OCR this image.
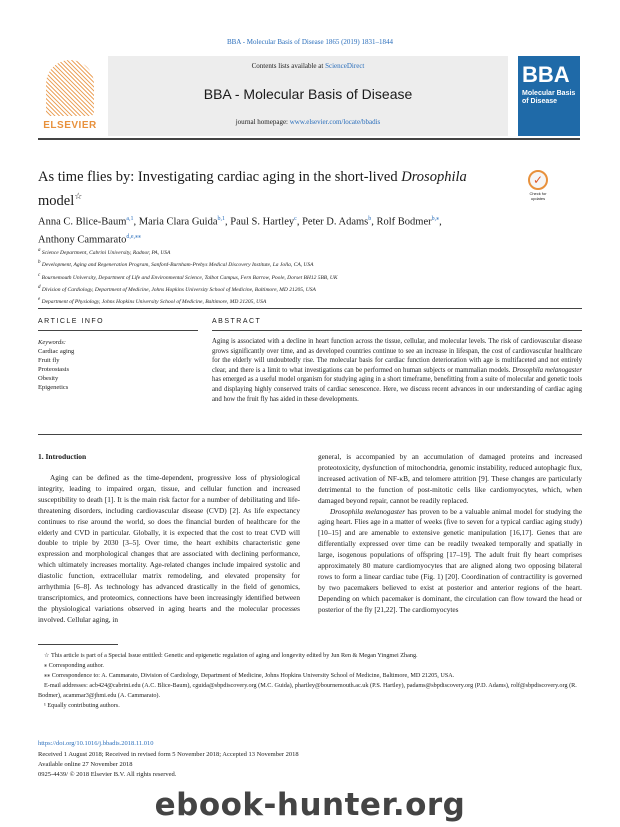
BBA - Molecular Basis of Disease 1865 (2019) 1831–1844
ELSEVIER
Contents lists available at ScienceDirect
BBA - Molecular Basis of Disease
journal homepage: www.elsevier.com/locate/bbadis
BBA
Molecular Basis of Disease
As time flies by: Investigating cardiac aging in the short-lived Drosophila model☆
✓
Check for updates
Anna C. Blice-Baum$^{a,1}$, Maria Clara Guida$^{b,1}$, Paul S. Hartley$^c$, Peter D. Adams$^b$, Rolf Bodmer$^{b,⁎}$,
Anthony Cammarato$^{d,e,⁎⁎}$
$^a$ Science Department, Cabrini University, Radnor, PA, USA
$^b$ Development, Aging and Regeneration Program, Sanford-Burnham-Prebys Medical Discovery Institute, La Jolla, CA, USA
$^c$ Bournemouth University, Department of Life and Environmental Science, Talbot Campus, Fern Barrow, Poole, Dorset BH12 5BB, UK
$^d$ Division of Cardiology, Department of Medicine, Johns Hopkins University School of Medicine, Baltimore, MD 21205, USA
$^e$ Department of Physiology, Johns Hopkins University School of Medicine, Baltimore, MD 21205, USA
ARTICLE INFO
Keywords:
Cardiac aging
Fruit fly
Proteostasis
Obesity
Epigenetics
ABSTRACT
Aging is associated with a decline in heart function across the tissue, cellular, and molecular levels. The risk of cardiovascular disease grows significantly over time, and as developed countries continue to see an increase in lifespan, the cost of cardiovascular healthcare for the elderly will undoubtedly rise. The molecular basis for cardiac function deterioration with age is multifaceted and not entirely clear, and there is a limit to what investigations can be performed on human subjects or mammalian models. Drosophila melanogaster has emerged as a useful model organism for studying aging in a short timeframe, benefitting from a suite of molecular and genetic tools and displaying highly conserved traits of cardiac senescence. Here, we discuss recent advances in our understanding of cardiac aging and how the fruit fly has aided in these developments.
1. Introduction

Aging can be defined as the time-dependent, progressive loss of physiological integrity, leading to impaired organ, tissue, and cellular function and increased susceptibility to death [1]. It is the main risk factor for a number of debilitating and life-threatening disorders, including cardiovascular disease (CVD) [2]. As life expectancy continues to rise around the world, so does the financial burden of healthcare for the elderly and CVD in particular. Globally, it is expected that the cost to treat CVD will double to triple by 2030 [3–5]. Over time, the heart exhibits characteristic gene expression and morphological changes that are associated with declining performance, which ultimately increases mortality. Age-related changes include impaired systolic and diastolic function, extracellular matrix remodeling, and elevated propensity for arrhythmia [6–8]. As technology has advanced drastically in the field of genomics, transcriptomics, and proteomics, connections have been increasingly identified between the physiological variations observed in aging hearts and the molecular processes involved. Cellular aging, in

general, is accompanied by an accumulation of damaged proteins and increased proteotoxicity, dysfunction of mitochondria, genomic instability, reduced autophagic flux, increased activation of NF-κB, and telomere attrition [9]. These changes are particularly detrimental to the function of post-mitotic cells like cardiomyocytes, which, when damaged beyond repair, cannot be readily replaced.

Drosophila melanogaster has proven to be a valuable animal model for studying the aging heart. Flies age in a matter of weeks (five to seven for a typical cardiac aging study) [10–15] and are amenable to extensive genetic manipulation [16,17]. Genes that are differentially expressed over time can be readily tweaked temporally and spatially in large, isogenous populations of offspring [17–19]. The adult fruit fly heart comprises approximately 80 mature cardiomyocytes that are aligned along two opposing bilateral rows to form a linear cardiac tube (Fig. 1) [20]. Coordination of contractility is governed by two pacemakers believed to exist at posterior and anterior regions of the heart. Depending on which pacemaker is dominant, the circulation can flow toward the head or posterior of the fly [21,22]. The cardiomyocytes

☆ This article is part of a Special Issue entitled: Genetic and epigenetic regulation of aging and longevity edited by Jun Ren & Megan Yingmei Zhang.
⁎ Corresponding author.
⁎⁎ Correspondence to: A. Cammarato, Division of Cardiology, Department of Medicine, Johns Hopkins University School of Medicine, Baltimore, MD 21205, USA.
E-mail addresses: acb424@cabrini.edu (A.C. Blice-Baum), cguida@sbpdiscovery.org (M.C. Guida), phartley@bournemouth.ac.uk (P.S. Hartley), padams@sbpdiscovery.org (P.D. Adams), rolf@sbpdiscovery.org (R. Bodmer), acammar3@jhmi.edu (A. Cammarato).
¹ Equally contributing authors.
https://doi.org/10.1016/j.bbadis.2018.11.010
Received 1 August 2018; Received in revised form 5 November 2018; Accepted 13 November 2018
Available online 27 November 2018
0925-4439/ © 2018 Elsevier B.V. All rights reserved.
ebook-hunter.org
